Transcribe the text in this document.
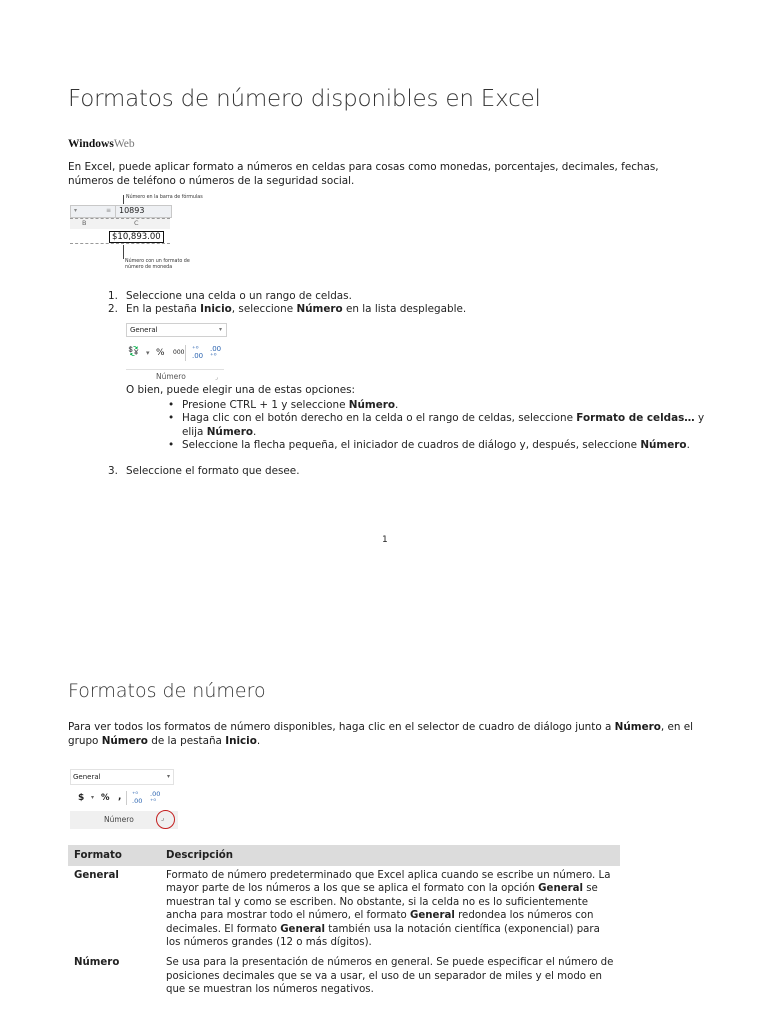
Formatos de número disponibles en Excel
WindowsWeb
En Excel, puede aplicar formato a números en celdas para cosas como monedas, porcentajes, decimales, fechas, números de teléfono o números de la seguridad social.
Número en la barra de fórmulas
▾	≡ 10893
B	C
$10,893.00
Número con un formato de
número de moneda
1. Seleccione una celda o un rango de celdas.
2. En la pestaña Inicio, seleccione Número en la lista desplegable.
General	▾
💱 ▾ % 000 ⁺⁰
.00
.00
⁺⁰
Número	⌟
O bien, puede elegir una de estas opciones:
• Presione CTRL + 1 y seleccione Número.
• Haga clic con el botón derecho en la celda o el rango de celdas, seleccione Formato de celdas… y elija Número.
• Seleccione la flecha pequeña, el iniciador de cuadros de diálogo y, después, seleccione Número.
3. Seleccione el formato que desee.
1
Formatos de número
Para ver todos los formatos de número disponibles, haga clic en el selector de cuadro de diálogo junto a Número, en el grupo Número de la pestaña Inicio.
General	▾
$ ▾ % , ⁺⁰
.00
.00
⁺⁰
Número	⌟
Formato	Descripción
General	Formato de número predeterminado que Excel aplica cuando se escribe un número. La mayor parte de los números a los que se aplica el formato con la opción General se muestran tal y como se escriben. No obstante, si la celda no es lo suficientemente ancha para mostrar todo el número, el formato General redondea los números con decimales. El formato General también usa la notación científica (exponencial) para los números grandes (12 o más dígitos).
Número	Se usa para la presentación de números en general. Se puede especificar el número de posiciones decimales que se va a usar, el uso de un separador de miles y el modo en que se muestran los números negativos.
